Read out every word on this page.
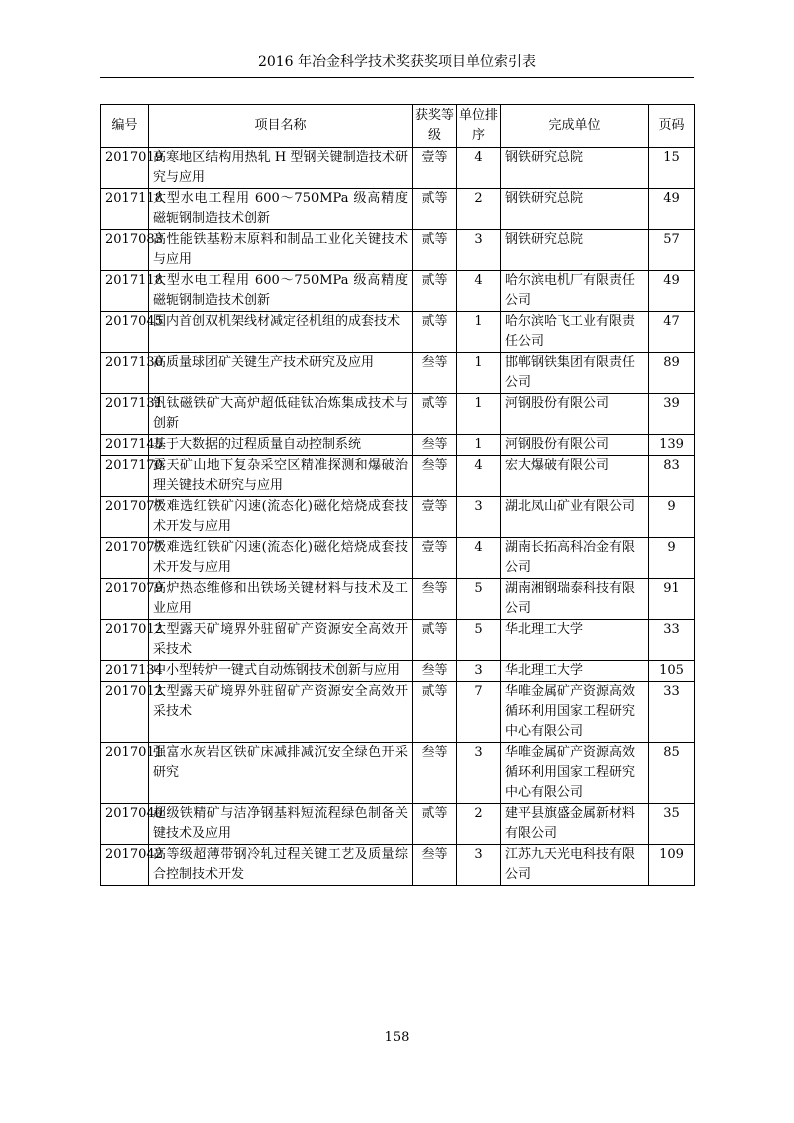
2016 年冶金科学技术奖获奖项目单位索引表
编号	项目名称	获奖等级	单位排序	完成单位	页码
2017019	高寒地区结构用热轧 H 型钢关键制造技术研究与应用	壹等	4	钢铁研究总院	15
2017118	大型水电工程用 600～750MPa 级高精度磁轭钢制造技术创新	贰等	2	钢铁研究总院	49
2017083	高性能铁基粉末原料和制品工业化关键技术与应用	贰等	3	钢铁研究总院	57
2017118	大型水电工程用 600～750MPa 级高精度磁轭钢制造技术创新	贰等	4	哈尔滨电机厂有限责任公司	49
2017045	国内首创双机架线材减定径机组的成套技术	贰等	1	哈尔滨哈飞工业有限责任公司	47
2017130	高质量球团矿关键生产技术研究及应用	叁等	1	邯郸钢铁集团有限责任公司	89
2017131	钒钛磁铁矿大高炉超低硅钛冶炼集成技术与创新	贰等	1	河钢股份有限公司	39
2017145	基于大数据的过程质量自动控制系统	叁等	1	河钢股份有限公司	139
2017170	露天矿山地下复杂采空区精准探测和爆破治理关键技术研究与应用	叁等	4	宏大爆破有限公司	83
2017077	极难选红铁矿闪速(流态化)磁化焙烧成套技术开发与应用	壹等	3	湖北凤山矿业有限公司	9
2017077	极难选红铁矿闪速(流态化)磁化焙烧成套技术开发与应用	壹等	4	湖南长拓高科冶金有限公司	9
2017079	高炉热态维修和出铁场关键材料与技术及工业应用	叁等	5	湖南湘钢瑞泰科技有限公司	91
2017012	大型露天矿境界外驻留矿产资源安全高效开采技术	贰等	5	华北理工大学	33
2017134	中小型转炉一键式自动炼钢技术创新与应用	叁等	3	华北理工大学	105
2017012	大型露天矿境界外驻留矿产资源安全高效开采技术	贰等	7	华唯金属矿产资源高效循环利用国家工程研究中心有限公司	33
2017011	强富水灰岩区铁矿床减排减沉安全绿色开采研究	叁等	3	华唯金属矿产资源高效循环利用国家工程研究中心有限公司	85
2017040	超级铁精矿与洁净钢基料短流程绿色制备关键技术及应用	贰等	2	建平县旗盛金属新材料有限公司	35
2017042	高等级超薄带钢冷轧过程关键工艺及质量综合控制技术开发	叁等	3	江苏九天光电科技有限公司	109
158
